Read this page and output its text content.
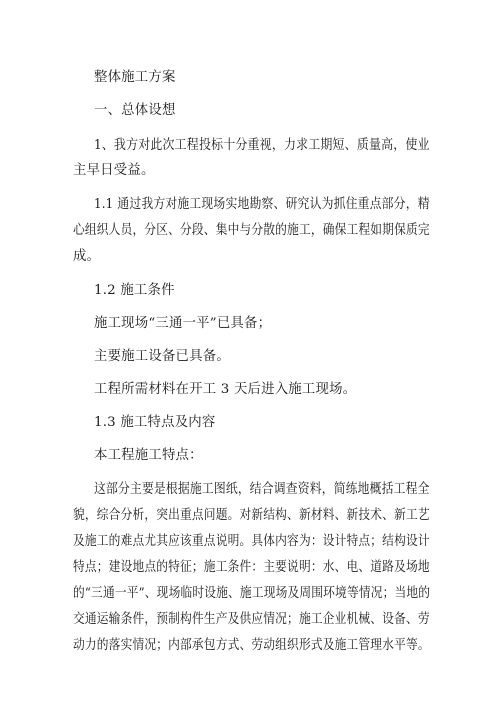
整体施工方案
一、总体设想
1、我方对此次工程投标十分重视，力求工期短、质量高，使业
主早日受益。
1.1 通过我方对施工现场实地勘察、研究认为抓住重点部分，精
心组织人员，分区、分段、集中与分散的施工，确保工程如期保质完
成。
1.2 施工条件
施工现场“三通一平”已具备；
主要施工设备已具备。
工程所需材料在开工 3 天后进入施工现场。
1.3 施工特点及内容
本工程施工特点：
这部分主要是根据施工图纸，结合调查资料，简练地概括工程全
貌，综合分析，突出重点问题。对新结构、新材料、新技术、新工艺
及施工的难点尤其应该重点说明。具体内容为：设计特点；结构设计
特点；建设地点的特征；施工条件：主要说明：水、电、道路及场地
的“三通一平”、现场临时设施、施工现场及周围环境等情况；当地的
交通运输条件，预制构件生产及供应情况；施工企业机械、设备、劳
动力的落实情况；内部承包方式、劳动组织形式及施工管理水平等。
